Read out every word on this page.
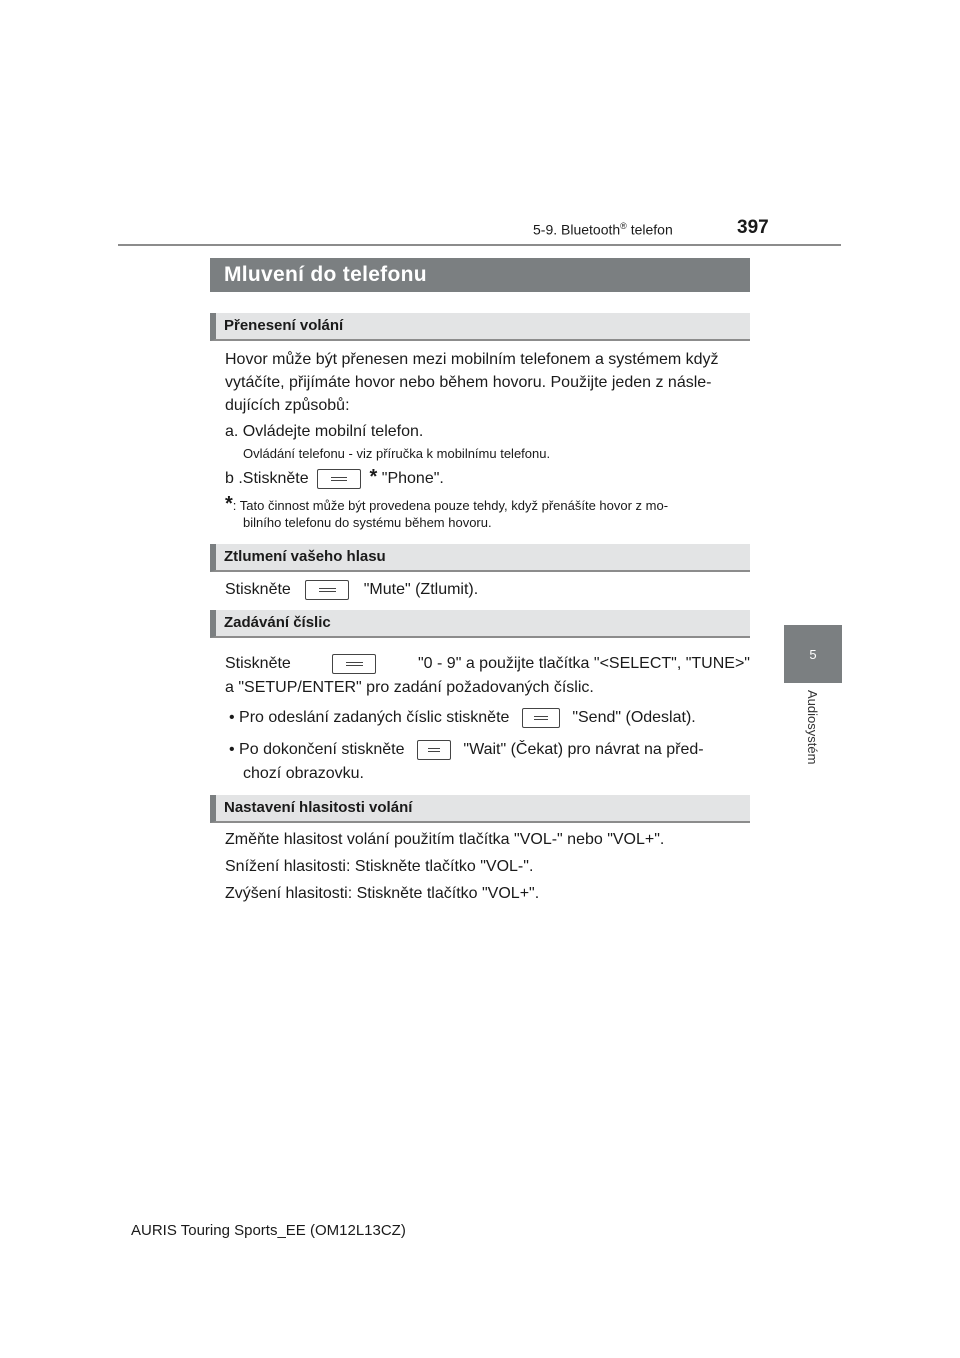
5-9. Bluetooth® telefon	397
5
Audiosystém
Mluvení do telefonu
Přenesení volání
Hovor může být přenesen mezi mobilním telefonem a systémem když
vytáčíte, přijímáte hovor nebo během hovoru. Použijte jeden z násle-
dujících způsobů:
a. Ovládejte mobilní telefon.
Ovládání telefonu - viz příručka k mobilnímu telefonu.
b .Stiskněte	* "Phone".
*: Tato činnost může být provedena pouze tehdy, když přenášíte hovor z mo-
bilního telefonu do systému během hovoru.
Ztlumení vašeho hlasu
Stiskněte	"Mute" (Ztlumit).
Zadávání číslic
Stiskněte	"0 - 9" a použijte tlačítka "<SELECT", "TUNE>"
a "SETUP/ENTER" pro zadání požadovaných číslic.
• Pro odeslání zadaných číslic stiskněte	"Send" (Odeslat).
• Po dokončení stiskněte	"Wait" (Čekat) pro návrat na před-
chozí obrazovku.
Nastavení hlasitosti volání
Změňte hlasitost volání použitím tlačítka "VOL-" nebo "VOL+".
Snížení hlasitosti: Stiskněte tlačítko "VOL-".
Zvýšení hlasitosti: Stiskněte tlačítko "VOL+".
AURIS Touring Sports_EE (OM12L13CZ)
